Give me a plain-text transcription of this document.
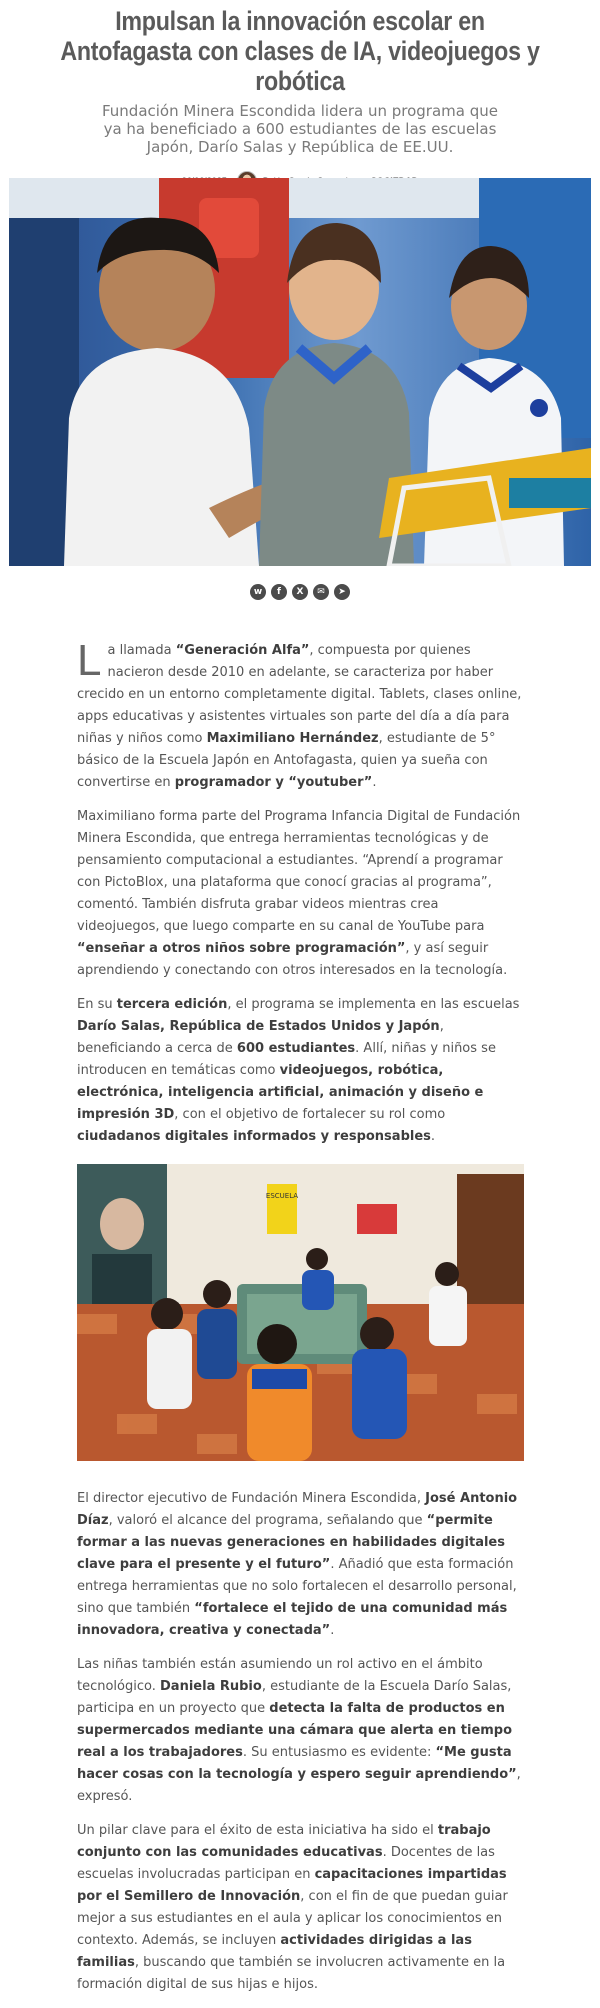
Impulsan la innovación escolar en Antofagasta con clases de IA, videojuegos y robótica
Fundación Minera Escondida lidera un programa que ya ha beneficiado a 600 estudiantes de las escuelas Japón, Darío Salas y República de EE.UU.
w	f	X	✉	➤

La llamada “Generación Alfa”, compuesta por quienes nacieron desde 2010 en adelante, se caracteriza por haber crecido en un entorno completamente digital. Tablets, clases online, apps educativas y asistentes virtuales son parte del día a día para niñas y niños como Maximiliano Hernández, estudiante de 5° básico de la Escuela Japón en Antofagasta, quien ya sueña con convertirse en programador y “youtuber”.

Maximiliano forma parte del Programa Infancia Digital de Fundación Minera Escondida, que entrega herramientas tecnológicas y de pensamiento computacional a estudiantes. “Aprendí a programar con PictoBlox, una plataforma que conocí gracias al programa”, comentó. También disfruta grabar videos mientras crea videojuegos, que luego comparte en su canal de YouTube para “enseñar a otros niños sobre programación”, y así seguir aprendiendo y conectando con otros interesados en la tecnología.

En su tercera edición, el programa se implementa en las escuelas Darío Salas, República de Estados Unidos y Japón, beneficiando a cerca de 600 estudiantes. Allí, niñas y niños se introducen en temáticas como videojuegos, robótica, electrónica, inteligencia artificial, animación y diseño e impresión 3D, con el objetivo de fortalecer su rol como ciudadanos digitales informados y responsables.

ESCUELA

El director ejecutivo de Fundación Minera Escondida, José Antonio Díaz, valoró el alcance del programa, señalando que “permite formar a las nuevas generaciones en habilidades digitales clave para el presente y el futuro”. Añadió que esta formación entrega herramientas que no solo fortalecen el desarrollo personal, sino que también “fortalece el tejido de una comunidad más innovadora, creativa y conectada”.

Las niñas también están asumiendo un rol activo en el ámbito tecnológico. Daniela Rubio, estudiante de la Escuela Darío Salas, participa en un proyecto que detecta la falta de productos en supermercados mediante una cámara que alerta en tiempo real a los trabajadores. Su entusiasmo es evidente: “Me gusta hacer cosas con la tecnología y espero seguir aprendiendo”, expresó.

Un pilar clave para el éxito de esta iniciativa ha sido el trabajo conjunto con las comunidades educativas. Docentes de las escuelas involucradas participan en capacitaciones impartidas por el Semillero de Innovación, con el fin de que puedan guiar mejor a sus estudiantes en el aula y aplicar los conocimientos en contexto. Además, se incluyen actividades dirigidas a las familias, buscando que también se involucren activamente en la formación digital de sus hijas e hijos.
